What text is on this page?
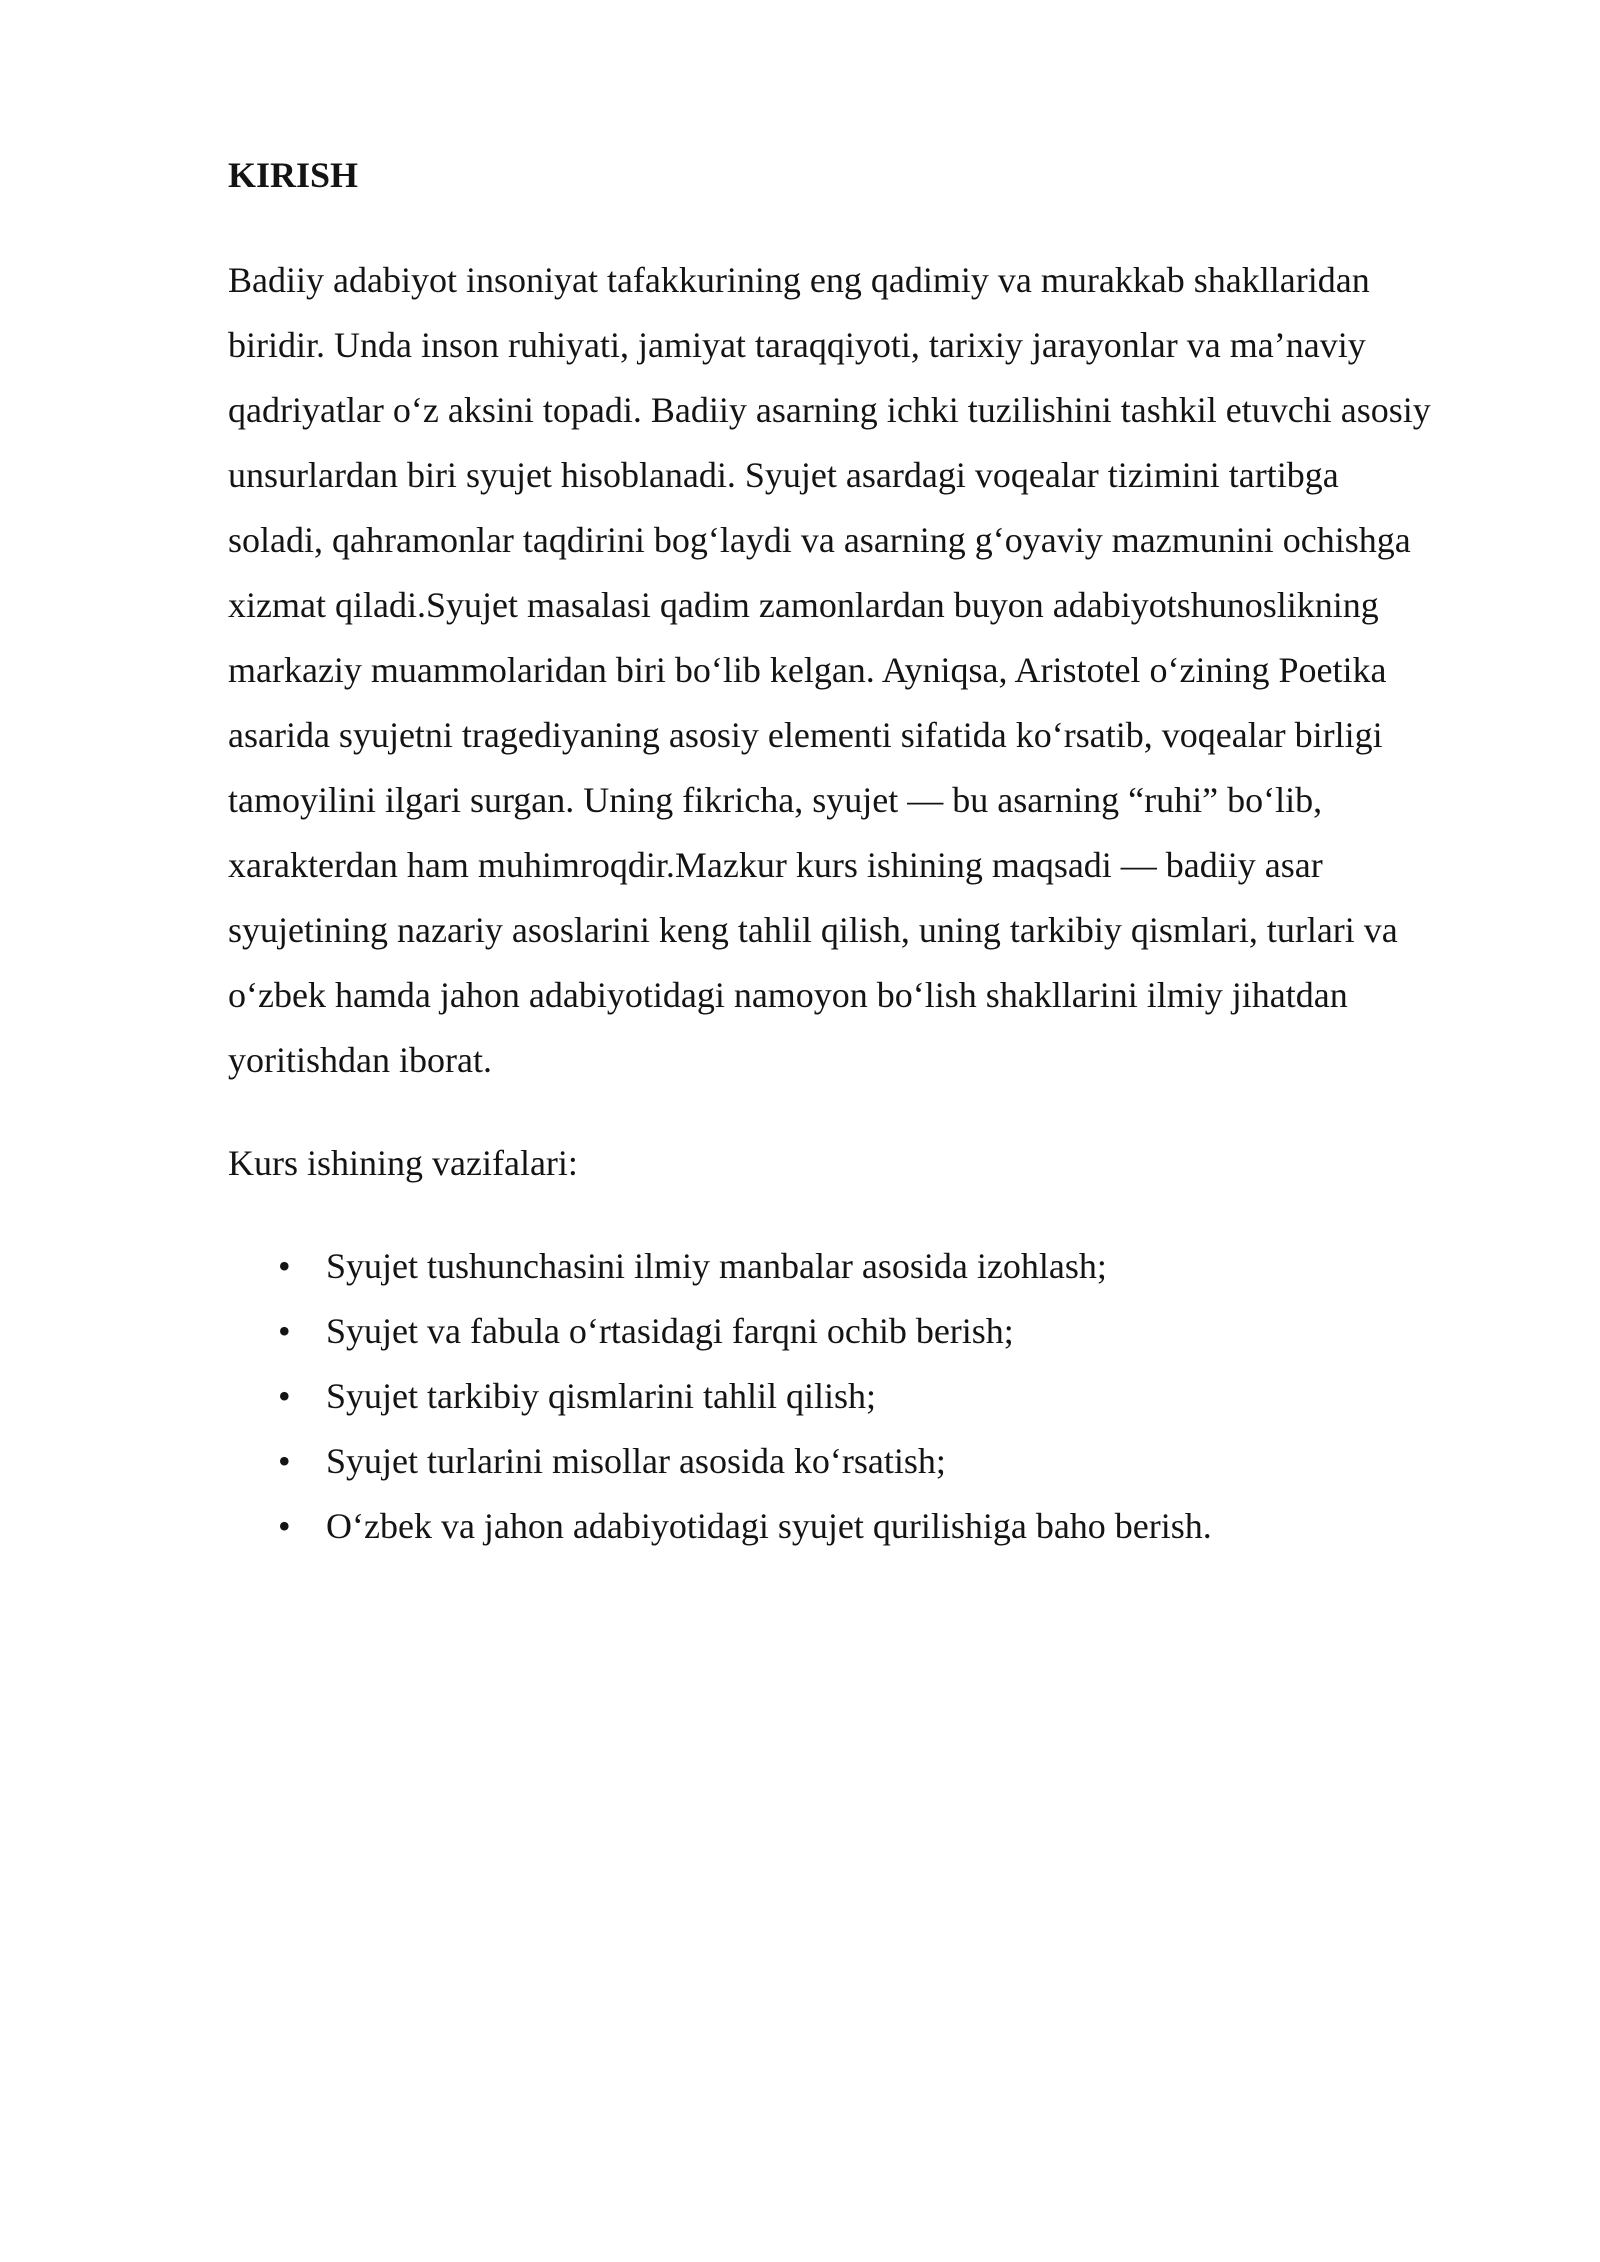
KIRISH
Badiiy adabiyot insoniyat tafakkurining eng qadimiy va murakkab shakllaridan
biridir. Unda inson ruhiyati, jamiyat taraqqiyoti, tarixiy jarayonlar va ma’naviy
qadriyatlar o‘z aksini topadi. Badiiy asarning ichki tuzilishini tashkil etuvchi asosiy
unsurlardan biri syujet hisoblanadi. Syujet asardagi voqealar tizimini tartibga
soladi, qahramonlar taqdirini bog‘laydi va asarning g‘oyaviy mazmunini ochishga
xizmat qiladi.Syujet masalasi qadim zamonlardan buyon adabiyotshunoslikning
markaziy muammolaridan biri bo‘lib kelgan. Ayniqsa, Aristotel o‘zining Poetika
asarida syujetni tragediyaning asosiy elementi sifatida ko‘rsatib, voqealar birligi
tamoyilini ilgari surgan. Uning fikricha, syujet — bu asarning “ruhi” bo‘lib,
xarakterdan ham muhimroqdir.Mazkur kurs ishining maqsadi — badiiy asar
syujetining nazariy asoslarini keng tahlil qilish, uning tarkibiy qismlari, turlari va
o‘zbek hamda jahon adabiyotidagi namoyon bo‘lish shakllarini ilmiy jihatdan
yoritishdan iborat.
Kurs ishining vazifalari:
• Syujet tushunchasini ilmiy manbalar asosida izohlash;
• Syujet va fabula o‘rtasidagi farqni ochib berish;
• Syujet tarkibiy qismlarini tahlil qilish;
• Syujet turlarini misollar asosida ko‘rsatish;
• O‘zbek va jahon adabiyotidagi syujet qurilishiga baho berish.
